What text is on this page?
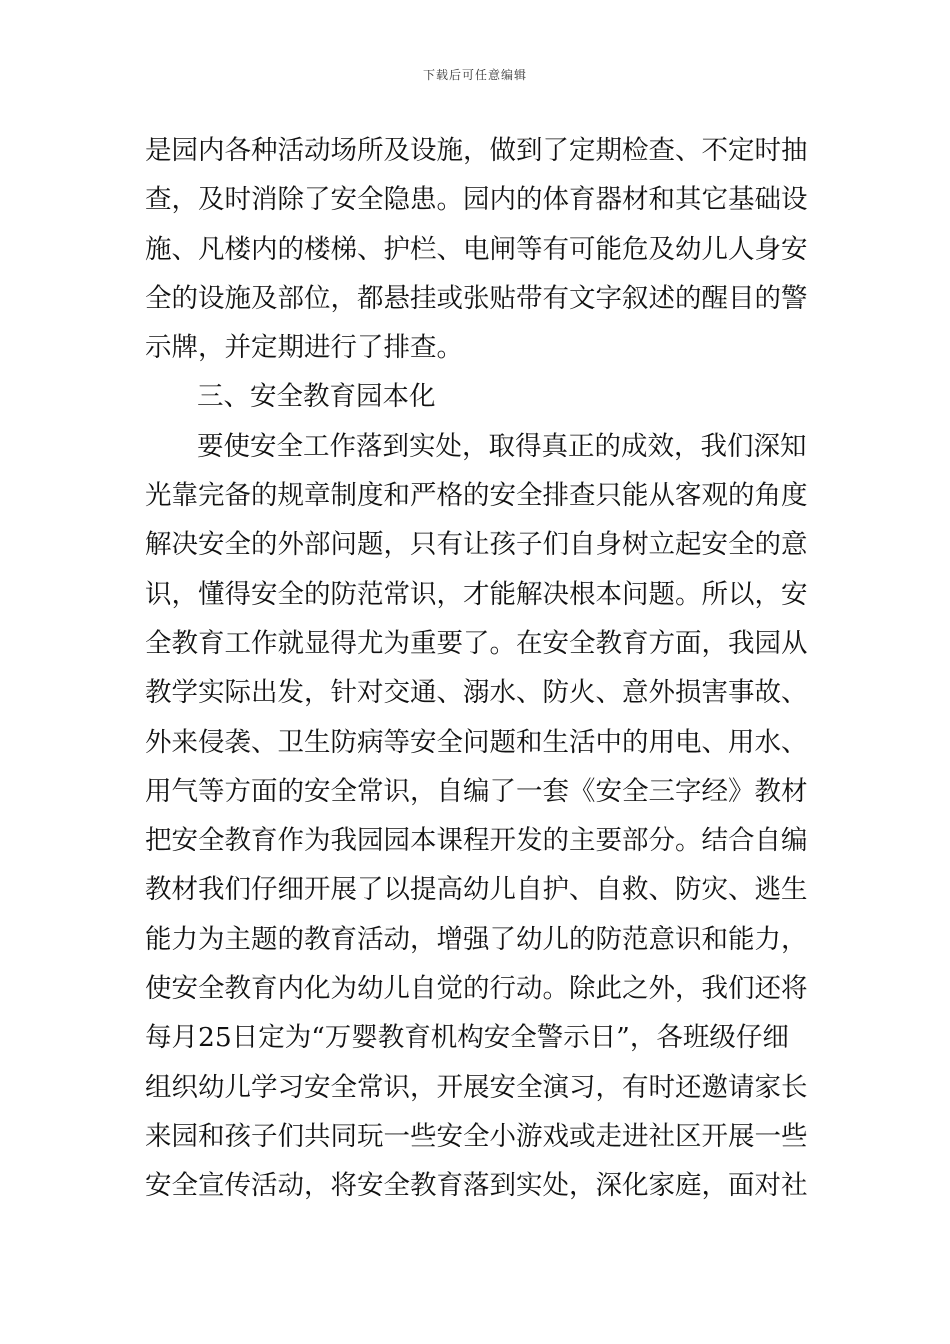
下载后可任意编辑
是园内各种活动场所及设施，做到了定期检查、不定时抽
查，及时消除了安全隐患。园内的体育器材和其它基础设
施、凡楼内的楼梯、护栏、电闸等有可能危及幼儿人身安
全的设施及部位，都悬挂或张贴带有文字叙述的醒目的警
示牌，并定期进行了排查。
三、安全教育园本化
要使安全工作落到实处，取得真正的成效，我们深知
光靠完备的规章制度和严格的安全排查只能从客观的角度
解决安全的外部问题，只有让孩子们自身树立起安全的意
识，懂得安全的防范常识，才能解决根本问题。所以，安
全教育工作就显得尤为重要了。在安全教育方面，我园从
教学实际出发，针对交通、溺水、防火、意外损害事故、
外来侵袭、卫生防病等安全问题和生活中的用电、用水、
用气等方面的安全常识，自编了一套《安全三字经》教材
把安全教育作为我园园本课程开发的主要部分。结合自编
教材我们仔细开展了以提高幼儿自护、自救、防灾、逃生
能力为主题的教育活动，增强了幼儿的防范意识和能力，
使安全教育内化为幼儿自觉的行动。除此之外，我们还将
每月25日定为“万婴教育机构安全警示日”，各班级仔细
组织幼儿学习安全常识，开展安全演习，有时还邀请家长
来园和孩子们共同玩一些安全小游戏或走进社区开展一些
安全宣传活动，将安全教育落到实处，深化家庭，面对社
